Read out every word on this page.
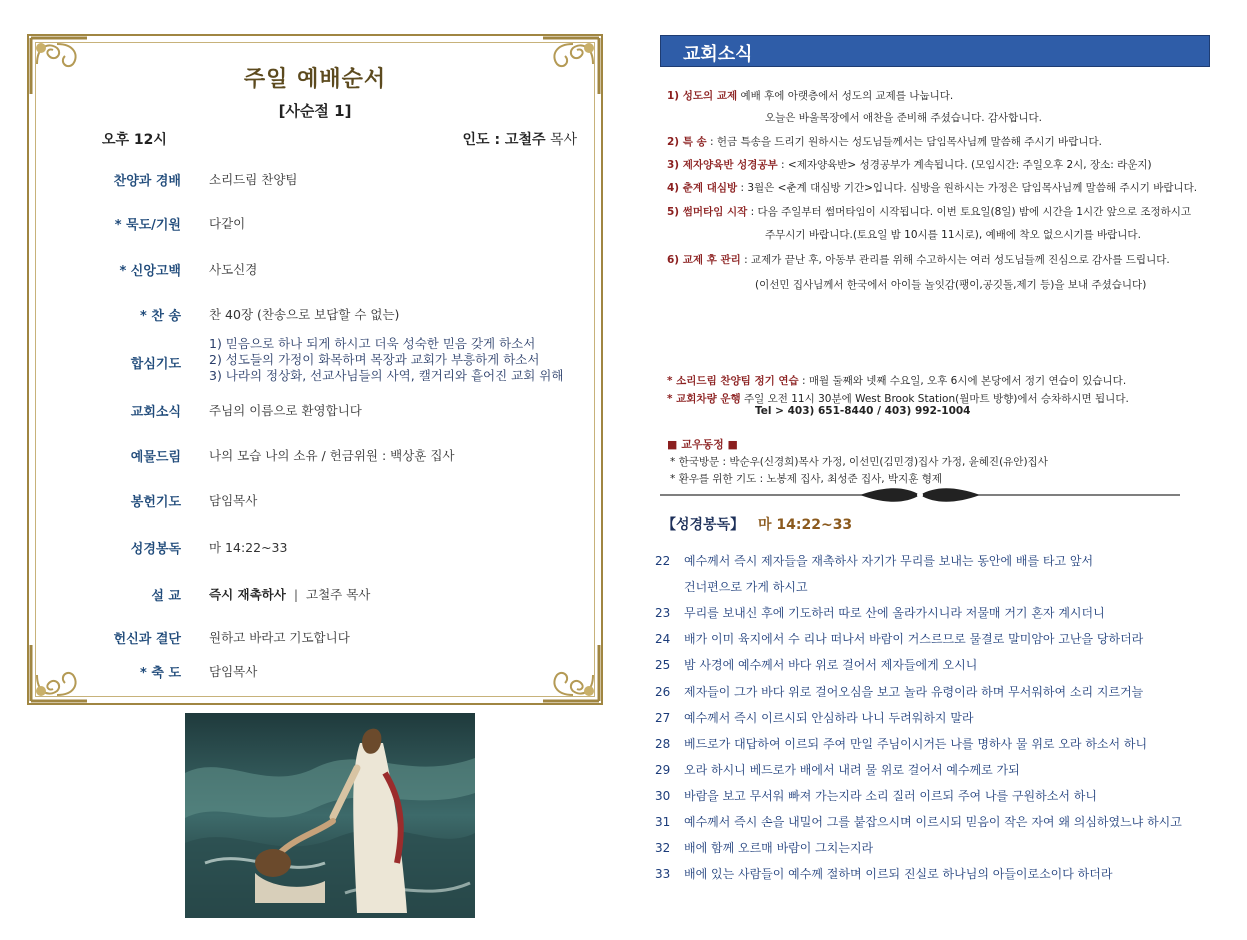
주일 예배순서
[사순절 1]
오후 12시	인도 : 고철주 목사
찬양과 경배 소리드림 찬양팀
* 묵도/기원 다같이
* 신앙고백 사도신경
* 찬 송 찬 40장 (찬송으로 보답할 수 없는)
합심기도
1) 믿음으로 하나 되게 하시고 더욱 성숙한 믿음 갖게 하소서
2) 성도들의 가정이 화목하며 목장과 교회가 부흥하게 하소서
3) 나라의 정상화, 선교사님들의 사역, 캘거리와 흩어진 교회 위해
교회소식 주님의 이름으로 환영합니다
예물드림 나의 모습 나의 소유 / 헌금위원 : 백상훈 집사
봉헌기도 담임목사
성경봉독 마 14:22~33
설 교 즉시 재촉하사 | 고철주 목사
헌신과 결단 원하고 바라고 기도합니다
* 축 도 담임목사
교회소식
1) 성도의 교제 예배 후에 아랫층에서 성도의 교제를 나눕니다.
오늘은 바울목장에서 애찬을 준비해 주셨습니다. 감사합니다.
2) 특 송 : 헌금 특송을 드리기 원하시는 성도님들께서는 담임목사님께 말씀해 주시기 바랍니다.
3) 제자양육반 성경공부 : <제자양육반> 성경공부가 계속됩니다. (모임시간: 주일오후 2시, 장소: 라운지)
4) 춘계 대심방 : 3월은 <춘계 대심방 기간>입니다. 심방을 원하시는 가정은 담임목사님께 말씀해 주시기 바랍니다.
5) 썸머타임 시작 : 다음 주일부터 썸머타임이 시작됩니다. 이번 토요일(8일) 밤에 시간을 1시간 앞으로 조정하시고
주무시기 바랍니다.(토요일 밤 10시를 11시로), 예배에 착오 없으시기를 바랍니다.
6) 교제 후 관리 : 교제가 끝난 후, 아동부 관리를 위해 수고하시는 여러 성도님들께 진심으로 감사를 드립니다.
(이선민 집사님께서 한국에서 아이들 놀잇감(팽이,공깃돌,제기 등)을 보내 주셨습니다)
* 소리드림 찬양팀 정기 연습 : 매월 둘째와 넷째 수요일, 오후 6시에 본당에서 정기 연습이 있습니다.
* 교회차량 운행 주일 오전 11시 30분에 West Brook Station(월마트 방향)에서 승차하시면 됩니다.
Tel > 403) 651-8440 / 403) 992-1004
■ 교우동정 ■
* 한국방문 : 박순우(신경희)목사 가정, 이선민(김민경)집사 가정, 윤혜진(유안)집사
* 환우를 위한 기도 : 노봉제 집사, 최성준 집사, 박지훈 형제
【성경봉독】 마 14:22~33
22 예수께서 즉시 제자들을 재촉하사 자기가 무리를 보내는 동안에 배를 타고 앞서
건너편으로 가게 하시고
23 무리를 보내신 후에 기도하러 따로 산에 올라가시니라 저물매 거기 혼자 계시더니
24 배가 이미 육지에서 수 리나 떠나서 바람이 거스르므로 물결로 말미암아 고난을 당하더라
25 밤 사경에 예수께서 바다 위로 걸어서 제자들에게 오시니
26 제자들이 그가 바다 위로 걸어오심을 보고 놀라 유령이라 하며 무서워하여 소리 지르거늘
27 예수께서 즉시 이르시되 안심하라 나니 두려워하지 말라
28 베드로가 대답하여 이르되 주여 만일 주님이시거든 나를 명하사 물 위로 오라 하소서 하니
29 오라 하시니 베드로가 배에서 내려 물 위로 걸어서 예수께로 가되
30 바람을 보고 무서워 빠져 가는지라 소리 질러 이르되 주여 나를 구원하소서 하니
31 예수께서 즉시 손을 내밀어 그를 붙잡으시며 이르시되 믿음이 작은 자여 왜 의심하였느냐 하시고
32 배에 함께 오르매 바람이 그치는지라
33 배에 있는 사람들이 예수께 절하며 이르되 진실로 하나님의 아들이로소이다 하더라
